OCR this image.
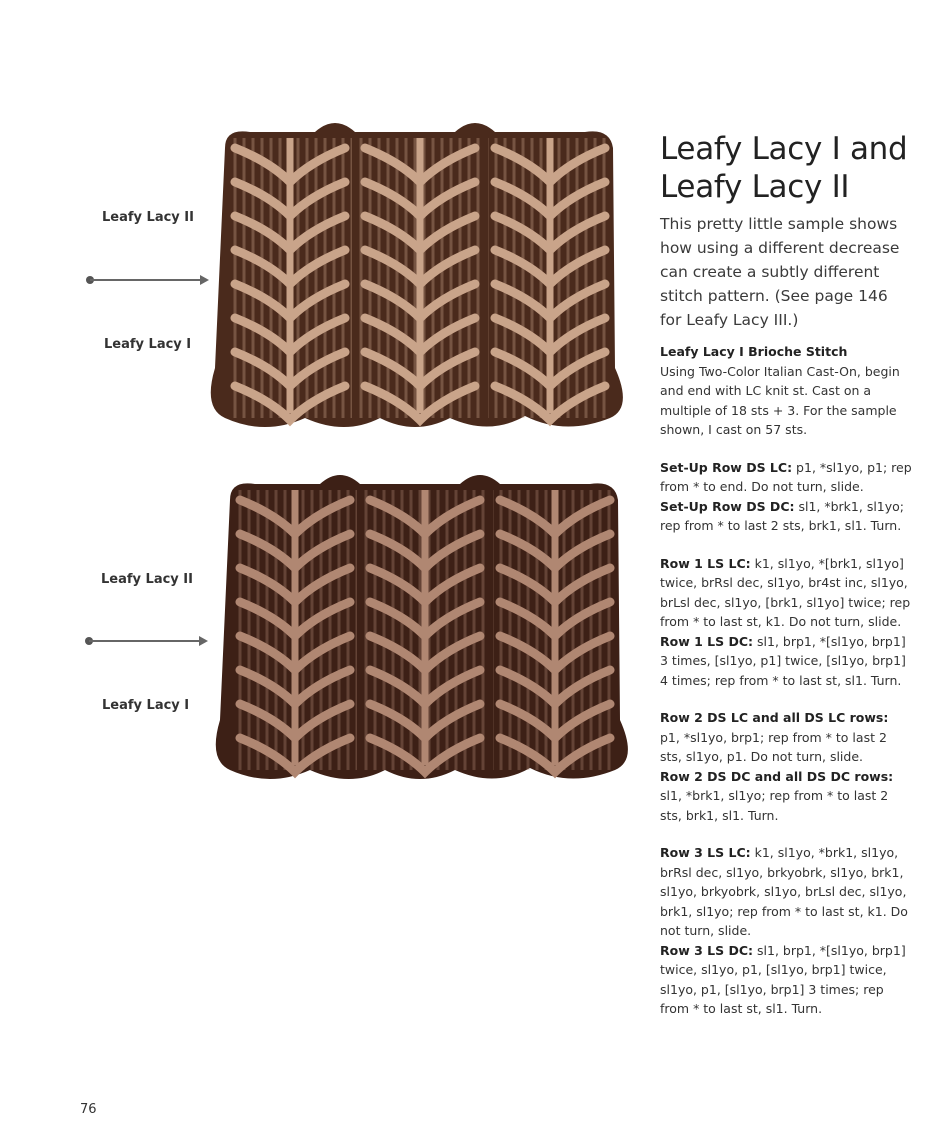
Leafy Lacy II
Leafy Lacy I
Leafy Lacy II
Leafy Lacy I
Leafy Lacy I and
Leafy Lacy II

This pretty little sample shows how using a different decrease can create a subtly different stitch pattern. (See page 146 for Leafy Lacy III.)

Leafy Lacy I Brioche Stitch
Using Two-Color Italian Cast-On, begin and end with LC knit st. Cast on a multiple of 18 sts + 3. For the sample shown, I cast on 57 sts.

Set-Up Row DS LC: p1, *sl1yo, p1; rep from * to end. Do not turn, slide.

Set-Up Row DS DC: sl1, *brk1, sl1yo; rep from * to last 2 sts, brk1, sl1. Turn.

Row 1 LS LC: k1, sl1yo, *[brk1, sl1yo] twice, brRsl dec, sl1yo, br4st inc, sl1yo, brLsl dec, sl1yo, [brk1, sl1yo] twice; rep from * to last st, k1. Do not turn, slide.

Row 1 LS DC: sl1, brp1, *[sl1yo, brp1] 3 times, [sl1yo, p1] twice, [sl1yo, brp1] 4 times; rep from * to last st, sl1. Turn.

Row 2 DS LC and all DS LC rows: p1, *sl1yo, brp1; rep from * to last 2 sts, sl1yo, p1. Do not turn, slide.

Row 2 DS DC and all DS DC rows: sl1, *brk1, sl1yo; rep from * to last 2 sts, brk1, sl1. Turn.

Row 3 LS LC: k1, sl1yo, *brk1, sl1yo, brRsl dec, sl1yo, brkyobrk, sl1yo, brk1, sl1yo, brkyobrk, sl1yo, brLsl dec, sl1yo, brk1, sl1yo; rep from * to last st, k1. Do not turn, slide.

Row 3 LS DC: sl1, brp1, *[sl1yo, brp1] twice, sl1yo, p1, [sl1yo, brp1] twice, sl1yo, p1, [sl1yo, brp1] 3 times; rep from * to last st, sl1. Turn.

76
